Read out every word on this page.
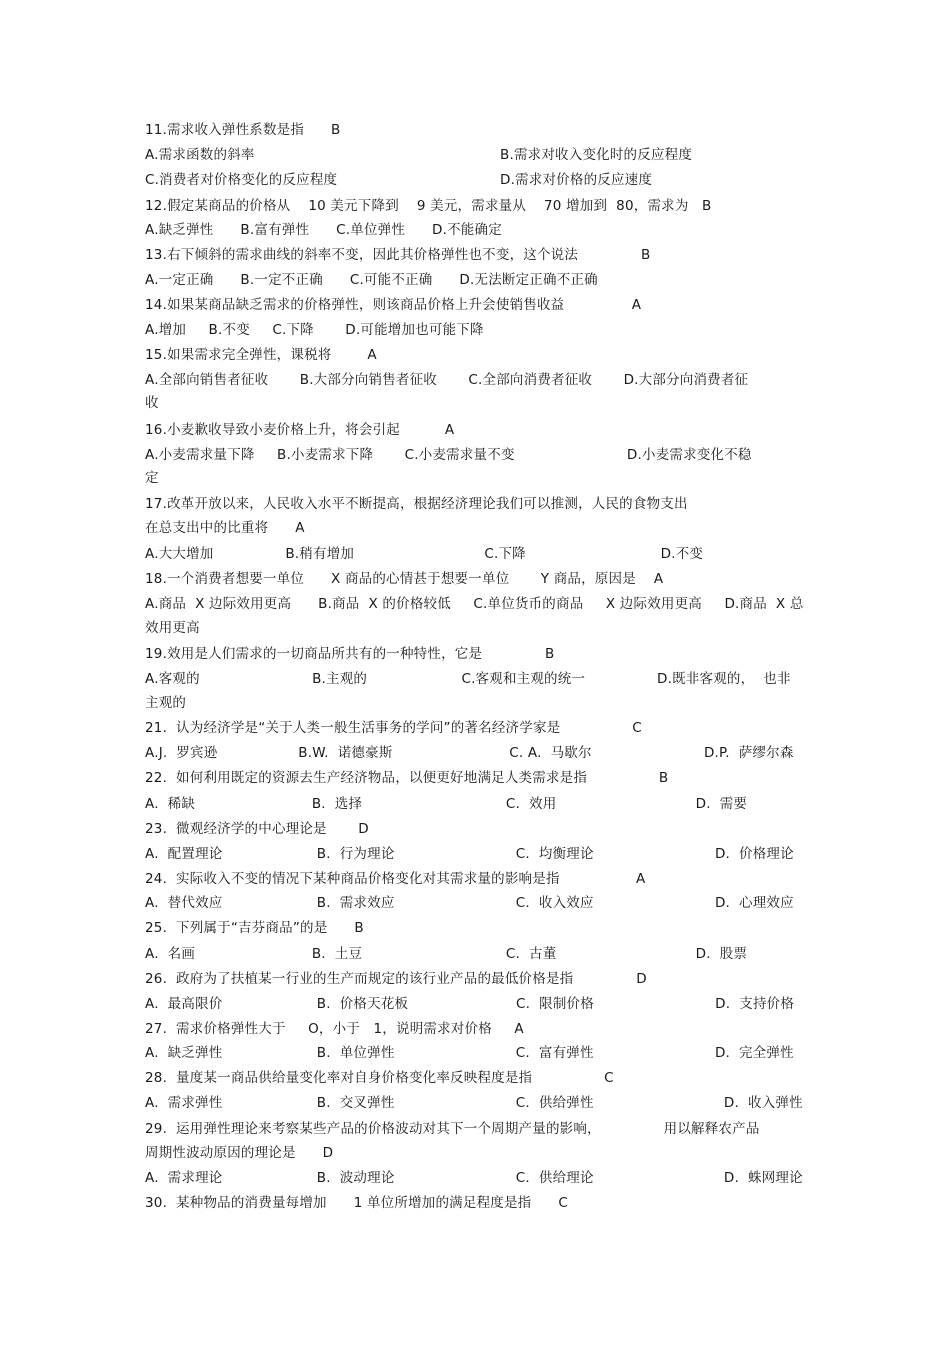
11.需求收入弹性系数是指      B
A.需求函数的斜率	B.需求对收入变化时的反应程度
C.消费者对价格变化的反应程度	D.需求对价格的反应速度
12.假定某商品的价格从    10 美元下降到    9 美元，需求量从    70 增加到  80，需求为   B
A.缺乏弹性      B.富有弹性      C.单位弹性      D.不能确定
13.右下倾斜的需求曲线的斜率不变，因此其价格弹性也不变，这个说法              B
A.一定正确      B.一定不正确      C.可能不正确      D.无法断定正确不正确
14.如果某商品缺乏需求的价格弹性，则该商品价格上升会使销售收益               A
A.增加     B.不变     C.下降       D.可能增加也可能下降
15.如果需求完全弹性，课税将        A
A.全部向销售者征收       B.大部分向销售者征收       C.全部向消费者征收       D.大部分向消费者征
收
16.小麦歉收导致小麦价格上升，将会引起          A
A.小麦需求量下降     B.小麦需求下降       C.小麦需求量不变                         D.小麦需求变化不稳
定
17.改革开放以来，人民收入水平不断提高，根据经济理论我们可以推测，人民的食物支出
在总支出中的比重将      A
A.大大增加                B.稍有增加                             C.下降                              D.不变
18.一个消费者想要一单位      X 商品的心情甚于想要一单位       Y 商品，原因是    A
A.商品  X 边际效用更高      B.商品  X 的价格较低     C.单位货币的商品     X 边际效用更高     D.商品  X 总
效用更高
19.效用是人们需求的一切商品所共有的一种特性，它是              B
A.客观的                         B.主观的                     C.客观和主观的统一                D.既非客观的，  也非
主观的
21.  认为经济学是“关于人类一般生活事务的学问”的著名经济学家是                C
A.J.  罗宾逊                  B.W.  诺德豪斯                          C. A.  马歇尔                         D.P.  萨缪尔森
22.  如何利用既定的资源去生产经济物品，以便更好地满足人类需求是指                B
A.  稀缺                          B.  选择                                C.  效用                               D.  需要
23.  微观经济学的中心理论是       D
A.  配置理论                     B.  行为理论                           C.  均衡理论                           D.  价格理论
24.  实际收入不变的情况下某种商品价格变化对其需求量的影响是指                 A
A.  替代效应                     B.  需求效应                           C.  收入效应                           D.  心理效应
25.  下列属于“吉芬商品”的是      B
A.  名画                          B.  土豆                                C.  古董                               D.  股票
26.  政府为了扶植某一行业的生产而规定的该行业产品的最低价格是指              D
A.  最高限价                     B.  价格天花板                        C.  限制价格                           D.  支持价格
27.  需求价格弹性大于     O，小于   1，说明需求对价格     A
A.  缺乏弹性                     B.  单位弹性                           C.  富有弹性                           D.  完全弹性
28.  量度某一商品供给量变化率对自身价格变化率反映程度是指                C
A.  需求弹性                     B.  交叉弹性                           C.  供给弹性                             D.  收入弹性
29.  运用弹性理论来考察某些产品的价格波动对其下一个周期产量的影响，              用以解释农产品
周期性波动原因的理论是      D
A.  需求理论                     B.  波动理论                           C.  供给理论                             D.  蛛网理论
30.  某种物品的消费量每增加      1 单位所增加的满足程度是指      C
